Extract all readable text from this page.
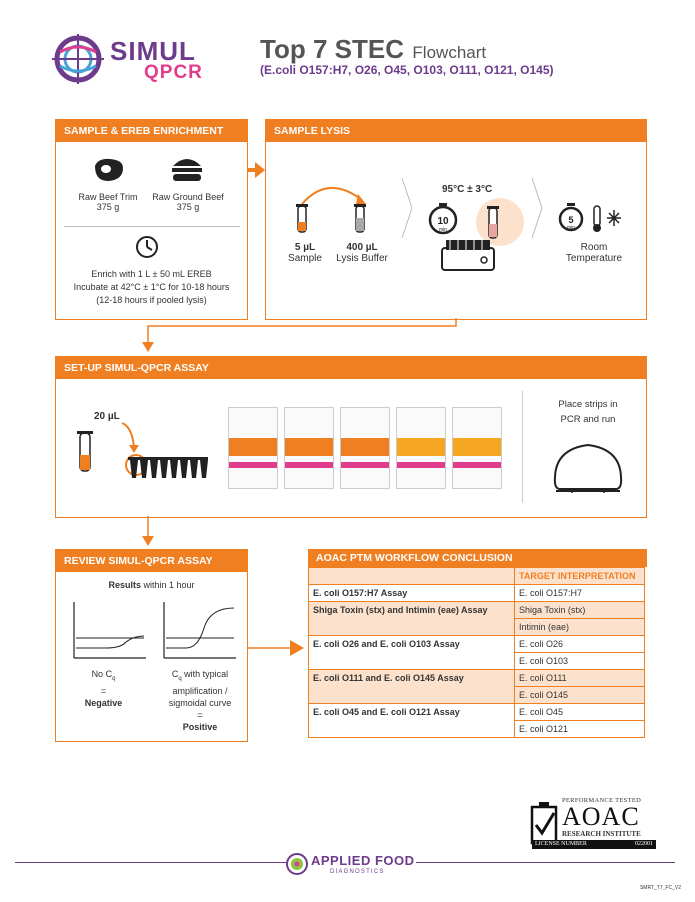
SIMUL
QPCR
Top 7 STEC Flowchart
(E.coli O157:H7, O26, O45, O103, O111, O121, O145)
SAMPLE & EREB ENRICHMENT
Raw Beef Trim
375 g
Raw Ground Beef
375 g
Enrich with 1 L ± 50 mL EREB
Incubate at 42°C ± 1°C for 10-18 hours
(12-18 hours if pooled lysis)
SAMPLE LYSIS
5 µL
Sample
400 µL
Lysis Buffer
95°C ± 3°C
10
min
5
min
Room
Temperature
SET-UP SIMUL-QPCR ASSAY
20 µL
Place strips in
PCR and run
REVIEW SIMUL-QPCR ASSAY
Results within 1 hour
No $C_q$
=
Negative
$C_q$ with typical
amplification /
sigmoidal curve
=
Positive
AOAC PTM WORKFLOW CONCLUSION
	TARGET INTERPRETATION
E. coli O157:H7 Assay	E. coli O157:H7
Shiga Toxin (stx) and Intimin (eae) Assay	Shiga Toxin (stx)
	Intimin (eae)
E. coli O26 and E. coli O103 Assay	E. coli O26
	E. coli O103
E. coli O111 and E. coli O145 Assay	E. coli O111
	E. coli O145
E. coli O45 and E. coli O121 Assay	E. coli O45
	E. coli O121
PERFORMANCE TESTED
AOAC
RESEARCH INSTITUTE
LICENSE NUMBER	022001
APPLIED FOOD
DIAGNOSTICS
SMRT_T7_FC_V2
